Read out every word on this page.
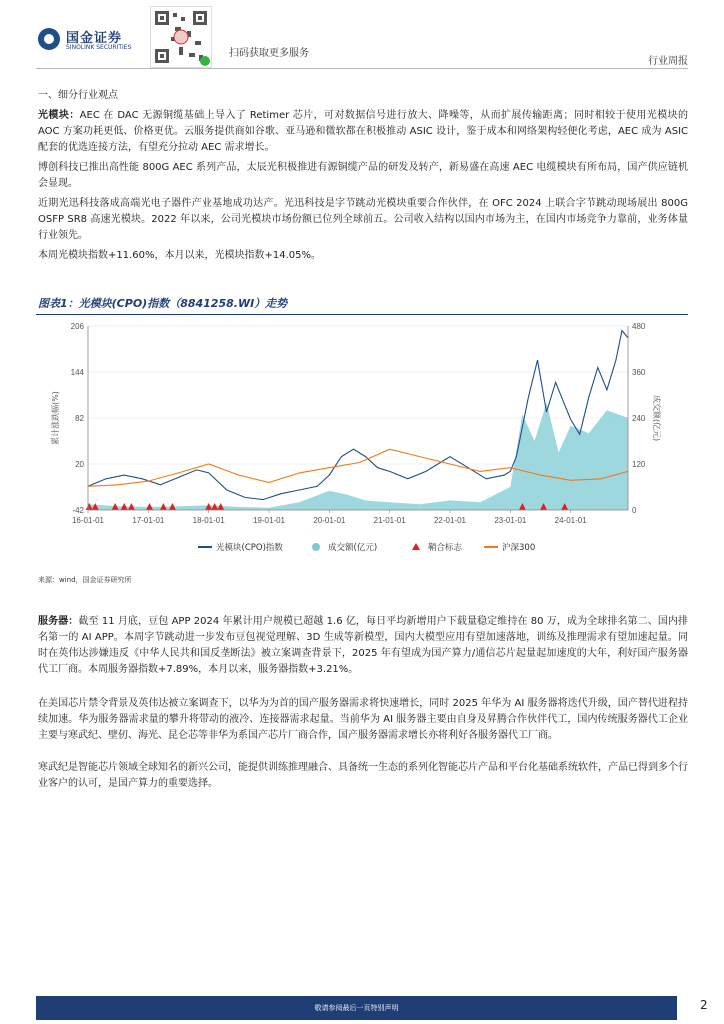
国金证券
SINOLINK SECURITIES
扫码获取更多服务
行业周报
一、细分行业观点
光模块：AEC 在 DAC 无源铜缆基础上导入了 Retimer 芯片，可对数据信号进行放大、降噪等，从而扩展传输距离；同时相较于使用光模块的 AOC 方案功耗更低、价格更优。云服务提供商如谷歌、亚马逊和微软都在积极推动 ASIC 设计，鉴于成本和网络架构轻便化考虑，AEC 成为 ASIC 配套的优选连接方法，有望充分拉动 AEC 需求增长。
博创科技已推出高性能 800G AEC 系列产品，太辰光积极推进有源铜缆产品的研发及转产，新易盛在高速 AEC 电缆模块有所布局，国产供应链机会显现。
近期光迅科技落成高端光电子器件产业基地成功达产。光迅科技是字节跳动光模块重要合作伙伴，在 OFC 2024 上联合字节跳动现场展出 800G OSFP SR8 高速光模块。2022 年以来，公司光模块市场份额已位列全球前五。公司收入结构以国内市场为主，在国内市场竞争力靠前，业务体量行业领先。
本周光模块指数+11.60%，本月以来，光模块指数+14.05%。
图表1：光模块(CPO)指数（8841258.WI）走势
-42
20
82
144
206
0
120
240
360
480
累计涨跌幅(%)	成交额(亿元)
16-01-01	17-01-01	18-01-01	19-01-01	20-01-01	21-01-01	22-01-01	23-01-01	24-01-01
光模块(CPO)指数	成交额(亿元)	鞘合标志	沪深300
来源：wind，国金证券研究所
服务器：截至 11 月底，豆包 APP 2024 年累计用户规模已超越 1.6 亿，每日平均新增用户下载量稳定维持在 80 万，成为全球排名第二、国内排名第一的 AI APP。本周字节跳动进一步发布豆包视觉理解、3D 生成等新模型，国内大模型应用有望加速落地，训练及推理需求有望加速起量。同时在英伟达涉嫌违反《中华人民共和国反垄断法》被立案调查背景下，2025 年有望成为国产算力/通信芯片起量起加速度的大年，利好国产服务器代工厂商。本周服务器指数+7.89%，本月以来，服务器指数+3.21%。
在美国芯片禁令背景及英伟达被立案调查下，以华为为首的国产服务器需求将快速增长，同时 2025 年华为 AI 服务器将迭代升级，国产替代进程持续加速。华为服务器需求量的攀升将带动的液冷、连接器需求起量。当前华为 AI 服务器主要由自身及昇腾合作伙伴代工，国内传统服务器代工企业主要与寒武纪、壁仞、海光、昆仑芯等非华为系国产芯片厂商合作，国产服务器需求增长亦将利好各服务器代工厂商。
寒武纪是智能芯片领域全球知名的新兴公司，能提供训练推理融合、具备统一生态的系列化智能芯片产品和平台化基础系统软件，产品已得到多个行业客户的认可，是国产算力的重要选择。
敬请参阅最后一页特别声明	2
